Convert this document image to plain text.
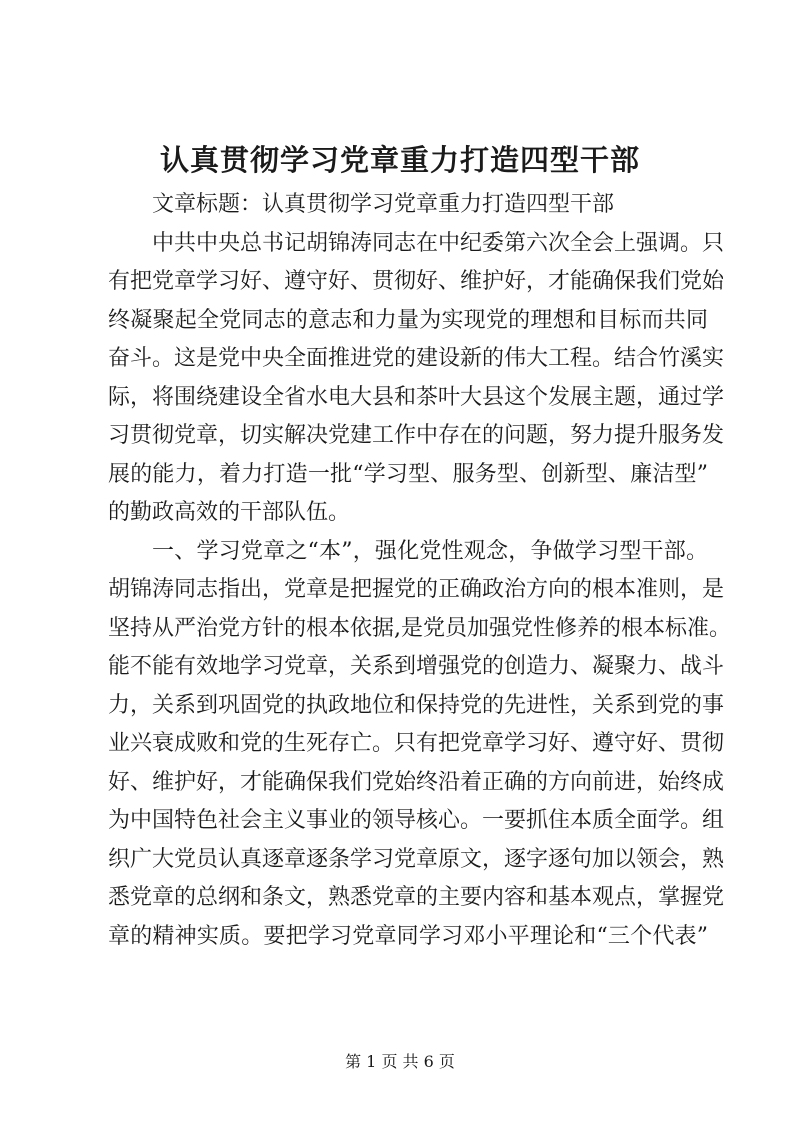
认真贯彻学习党章重力打造四型干部
文章标题：认真贯彻学习党章重力打造四型干部
中共中央总书记胡锦涛同志在中纪委第六次全会上强调。只
有把党章学习好、遵守好、贯彻好、维护好，才能确保我们党始
终凝聚起全党同志的意志和力量为实现党的理想和目标而共同
奋斗。这是党中央全面推进党的建设新的伟大工程。结合竹溪实
际，将围绕建设全省水电大县和茶叶大县这个发展主题，通过学
习贯彻党章，切实解决党建工作中存在的问题，努力提升服务发
展的能力，着力打造一批“学习型、服务型、创新型、廉洁型”
的勤政高效的干部队伍。
一、学习党章之“本”，强化党性观念，争做学习型干部。
胡锦涛同志指出，党章是把握党的正确政治方向的根本准则，是
坚持从严治党方针的根本依据,是党员加强党性修养的根本标准。
能不能有效地学习党章，关系到增强党的创造力、凝聚力、战斗
力，关系到巩固党的执政地位和保持党的先进性，关系到党的事
业兴衰成败和党的生死存亡。只有把党章学习好、遵守好、贯彻
好、维护好，才能确保我们党始终沿着正确的方向前进，始终成
为中国特色社会主义事业的领导核心。一要抓住本质全面学。组
织广大党员认真逐章逐条学习党章原文，逐字逐句加以领会，熟
悉党章的总纲和条文，熟悉党章的主要内容和基本观点，掌握党
章的精神实质。要把学习党章同学习邓小平理论和“三个代表”
第 1 页 共 6 页
